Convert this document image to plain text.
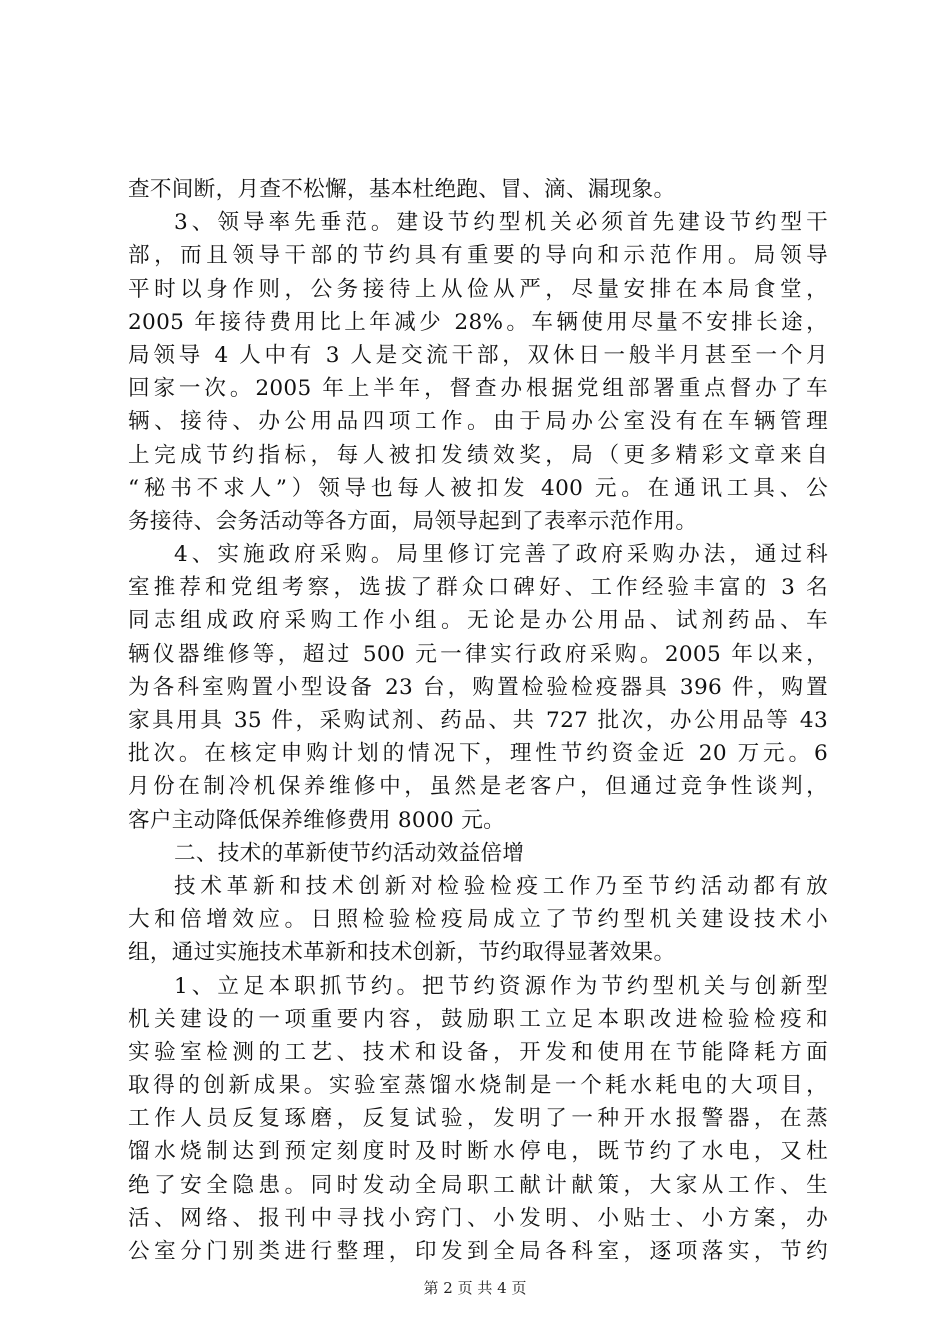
查不间断，月查不松懈，基本杜绝跑、冒、滴、漏现象。
3、领导率先垂范。建设节约型机关必须首先建设节约型干
部，而且领导干部的节约具有重要的导向和示范作用。局领导
平时以身作则，公务接待上从俭从严，尽量安排在本局食堂，
2005 年接待费用比上年减少 28%。车辆使用尽量不安排长途，
局领导 4 人中有 3 人是交流干部，双休日一般半月甚至一个月
回家一次。2005 年上半年，督查办根据党组部署重点督办了车
辆、接待、办公用品四项工作。由于局办公室没有在车辆管理
上完成节约指标，每人被扣发绩效奖，局（更多精彩文章来自
“秘书不求人”）领导也每人被扣发 400 元。在通讯工具、公
务接待、会务活动等各方面，局领导起到了表率示范作用。
4、实施政府采购。局里修订完善了政府采购办法，通过科
室推荐和党组考察，选拔了群众口碑好、工作经验丰富的 3 名
同志组成政府采购工作小组。无论是办公用品、试剂药品、车
辆仪器维修等，超过 500 元一律实行政府采购。2005 年以来，
为各科室购置小型设备 23 台，购置检验检疫器具 396 件，购置
家具用具 35 件，采购试剂、药品、共 727 批次，办公用品等 43
批次。在核定申购计划的情况下，理性节约资金近 20 万元。6
月份在制冷机保养维修中，虽然是老客户，但通过竞争性谈判，
客户主动降低保养维修费用 8000 元。
二、技术的革新使节约活动效益倍增
技术革新和技术创新对检验检疫工作乃至节约活动都有放
大和倍增效应。日照检验检疫局成立了节约型机关建设技术小
组，通过实施技术革新和技术创新，节约取得显著效果。
1、立足本职抓节约。把节约资源作为节约型机关与创新型
机关建设的一项重要内容，鼓励职工立足本职改进检验检疫和
实验室检测的工艺、技术和设备，开发和使用在节能降耗方面
取得的创新成果。实验室蒸馏水烧制是一个耗水耗电的大项目，
工作人员反复琢磨，反复试验，发明了一种开水报警器，在蒸
馏水烧制达到预定刻度时及时断水停电，既节约了水电，又杜
绝了安全隐患。同时发动全局职工献计献策，大家从工作、生
活、网络、报刊中寻找小窍门、小发明、小贴士、小方案，办
公室分门别类进行整理，印发到全局各科室，逐项落实，节约
第 2 页 共 4 页
